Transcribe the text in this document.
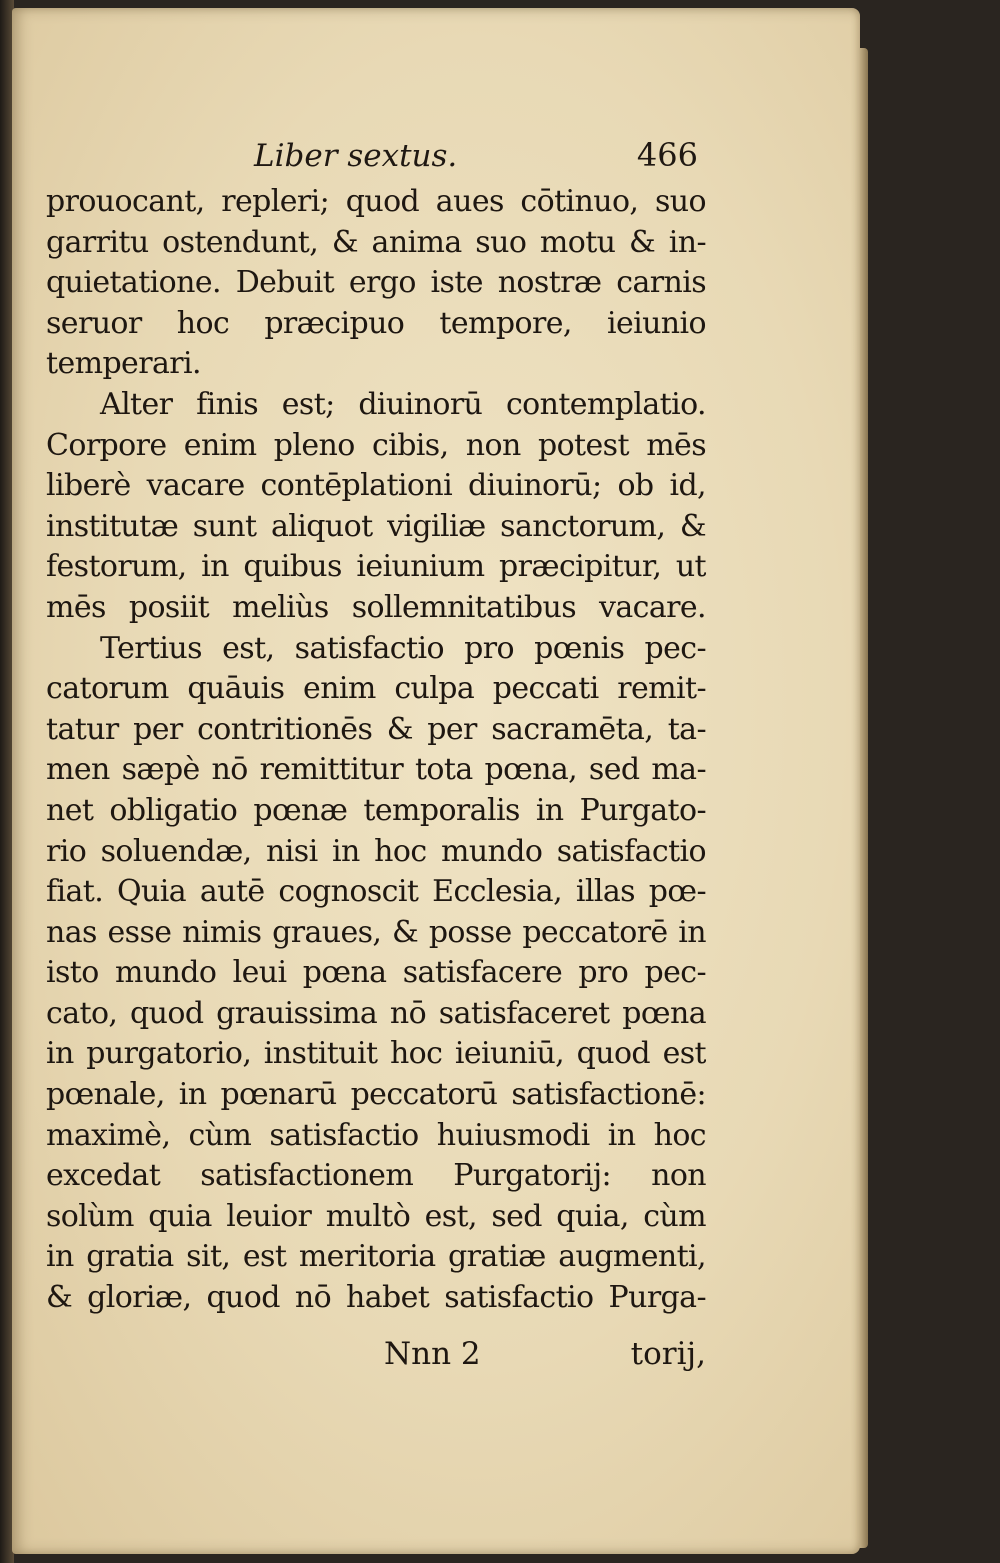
Liber sextus.	466
prouocant, repleri; quod aues cōtinuo, suo
garritu ostendunt, & anima suo motu & in-
quietatione. Debuit ergo iste nostræ carnis
seruor hoc præcipuo tempore, ieiunio
temperari.
Alter finis est; diuinorū contemplatio.
Corpore enim pleno cibis, non potest mēs
liberè vacare contēplationi diuinorū; ob id,
institutæ sunt aliquot vigiliæ sanctorum, &
festorum, in quibus ieiunium præcipitur, ut
mēs posiit meliùs sollemnitatibus vacare.
Tertius est, satisfactio pro pœnis pec-
catorum quāuis enim culpa peccati remit-
tatur per contritionēs & per sacramēta, ta-
men sæpè nō remittitur tota pœna, sed ma-
net obligatio pœnæ temporalis in Purgato-
rio soluendæ, nisi in hoc mundo satisfactio
fiat. Quia autē cognoscit Ecclesia, illas pœ-
nas esse nimis graues, & posse peccatorē in
isto mundo leui pœna satisfacere pro pec-
cato, quod grauissima nō satisfaceret pœna
in purgatorio, instituit hoc ieiuniū, quod est
pœnale, in pœnarū peccatorū satisfactionē:
maximè, cùm satisfactio huiusmodi in hoc
excedat satisfactionem Purgatorij: non
solùm quia leuior multò est, sed quia, cùm
in gratia sit, est meritoria gratiæ augmenti,
& gloriæ, quod nō habet satisfactio Purga-
Nnn 2	torij,
